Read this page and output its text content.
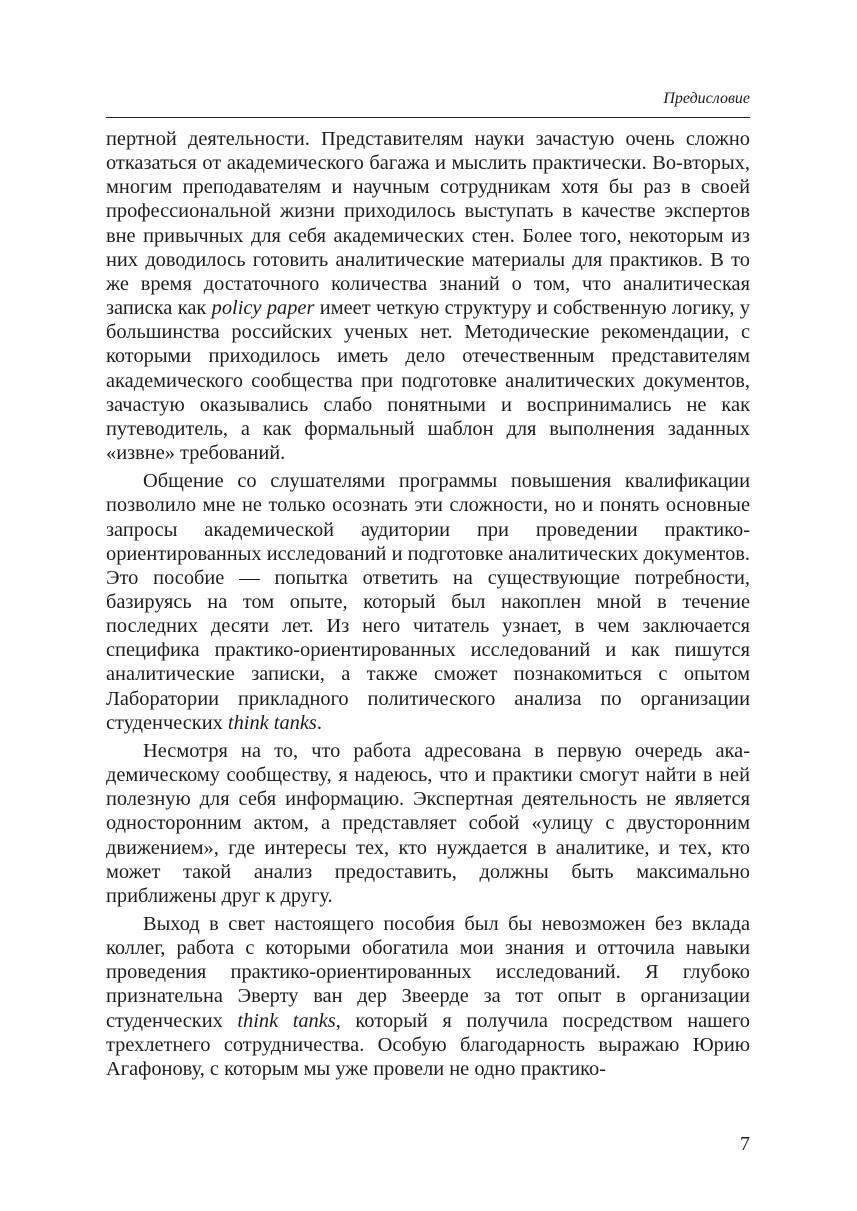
Предисловие

пертной деятельности. Представителям науки зачастую очень сложно отказаться от академического багажа и мыслить практически. Во-вторых, многим преподавателям и научным сотрудникам хотя бы раз в своей профессиональной жизни приходилось выступать в качестве экспертов вне привычных для себя академических стен. Более того, некоторым из них доводилось готовить аналитические материалы для практиков. В то же время достаточного количества знаний о том, что аналитическая записка как policy paper имеет четкую структуру и собственную логику, у большинства российских ученых нет. Методические рекомендации, с которыми приходилось иметь дело отечественным представителям академического сообщества при подготовке аналитических документов, зачастую оказывались слабо понятными и воспринимались не как путеводитель, а как формальный шаблон для выполнения заданных «извне» требований.

Общение со слушателями программы повышения квалификации позволило мне не только осознать эти сложности, но и понять основные запросы академической аудитории при проведении практико-ориентированных исследований и подготовке аналитических документов. Это пособие — попытка ответить на существующие потребности, базируясь на том опыте, который был накоплен мной в течение последних десяти лет. Из него читатель узнает, в чем заключается специфика практико-ориентированных исследований и как пишутся аналитические записки, а также сможет познакомиться с опытом Лаборатории прикладного политического анализа по организации студенческих think tanks.

Несмотря на то, что работа адресована в первую очередь академическому сообществу, я надеюсь, что и практики смогут найти в ней полезную для себя информацию. Экспертная деятельность не является односторонним актом, а представляет собой «улицу с двусторонним движением», где интересы тех, кто нуждается в аналитике, и тех, кто может такой анализ предоставить, должны быть максимально приближены друг к другу.

Выход в свет настоящего пособия был бы невозможен без вклада коллег, работа с которыми обогатила мои знания и отточила навыки проведения практико-ориентированных исследований. Я глубоко признательна Эверту ван дер Звеерде за тот опыт в организации студенческих think tanks, который я получила посредством нашего трехлетнего сотрудничества. Особую благодарность выражаю Юрию Агафонову, с которым мы уже провели не одно практико-

7
